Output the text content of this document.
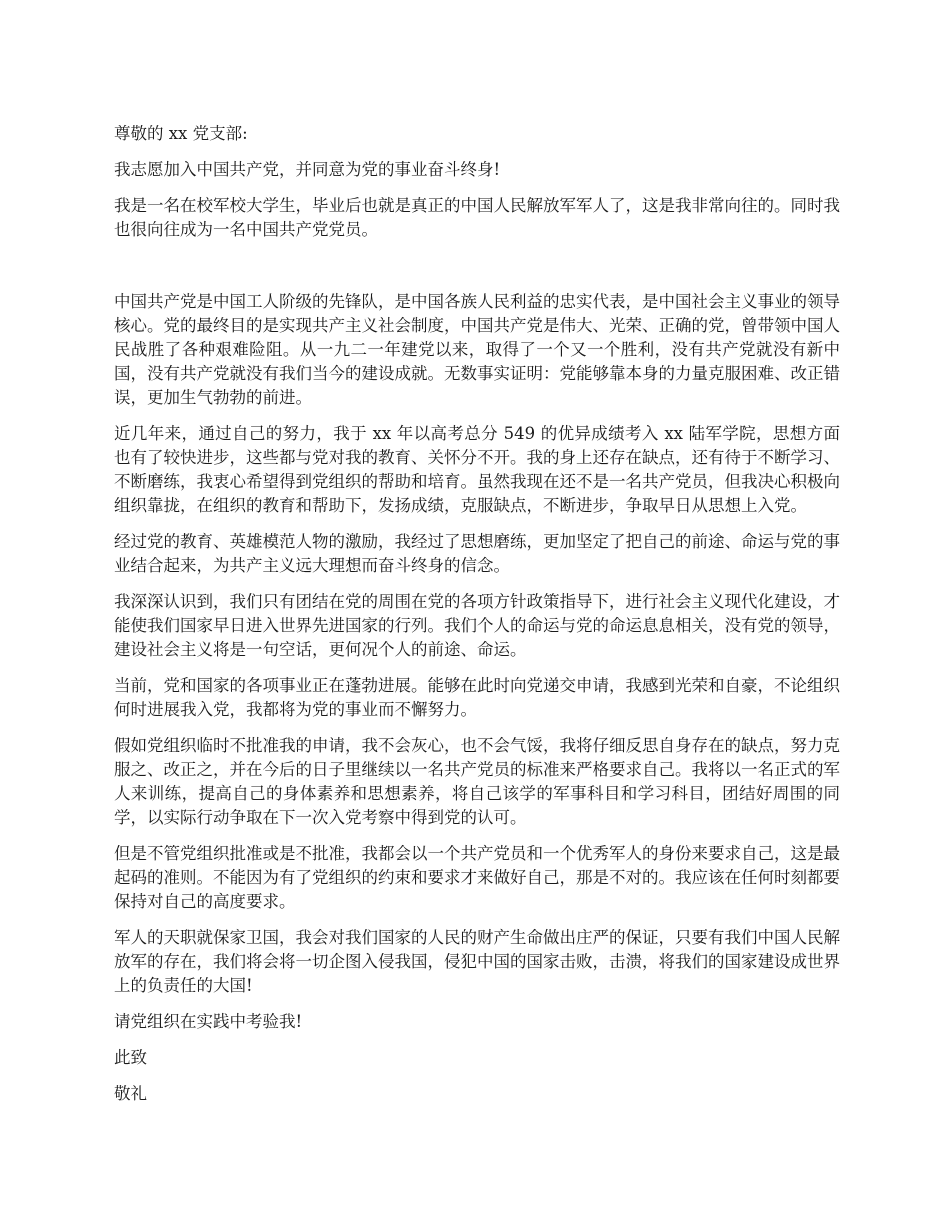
尊敬的 xx 党支部:

我志愿加入中国共产党，并同意为党的事业奋斗终身!

我是一名在校军校大学生，毕业后也就是真正的中国人民解放军军人了，这是我非常向往的。同时我也很向往成为一名中国共产党党员。

中国共产党是中国工人阶级的先锋队，是中国各族人民利益的忠实代表，是中国社会主义事业的领导核心。党的最终目的是实现共产主义社会制度，中国共产党是伟大、光荣、正确的党，曾带领中国人民战胜了各种艰难险阻。从一九二一年建党以来，取得了一个又一个胜利，没有共产党就没有新中国，没有共产党就没有我们当今的建设成就。无数事实证明：党能够靠本身的力量克服困难、改正错误，更加生气勃勃的前进。

近几年来，通过自己的努力，我于 xx 年以高考总分 549 的优异成绩考入 xx 陆军学院，思想方面也有了较快进步，这些都与党对我的教育、关怀分不开。我的身上还存在缺点，还有待于不断学习、不断磨练，我衷心希望得到党组织的帮助和培育。虽然我现在还不是一名共产党员，但我决心积极向组织靠拢，在组织的教育和帮助下，发扬成绩，克服缺点，不断进步，争取早日从思想上入党。

经过党的教育、英雄模范人物的激励，我经过了思想磨练，更加坚定了把自己的前途、命运与党的事业结合起来，为共产主义远大理想而奋斗终身的信念。

我深深认识到，我们只有团结在党的周围在党的各项方针政策指导下，进行社会主义现代化建设，才能使我们国家早日进入世界先进国家的行列。我们个人的命运与党的命运息息相关，没有党的领导，建设社会主义将是一句空话，更何况个人的前途、命运。

当前，党和国家的各项事业正在蓬勃进展。能够在此时向党递交申请，我感到光荣和自豪，不论组织何时进展我入党，我都将为党的事业而不懈努力。

假如党组织临时不批准我的申请，我不会灰心，也不会气馁，我将仔细反思自身存在的缺点，努力克服之、改正之，并在今后的日子里继续以一名共产党员的标准来严格要求自己。我将以一名正式的军人来训练，提高自己的身体素养和思想素养，将自己该学的军事科目和学习科目，团结好周围的同学，以实际行动争取在下一次入党考察中得到党的认可。

但是不管党组织批准或是不批准，我都会以一个共产党员和一个优秀军人的身份来要求自己，这是最起码的准则。不能因为有了党组织的约束和要求才来做好自己，那是不对的。我应该在任何时刻都要保持对自己的高度要求。

军人的天职就保家卫国，我会对我们国家的人民的财产生命做出庄严的保证，只要有我们中国人民解放军的存在，我们将会将一切企图入侵我国，侵犯中国的国家击败，击溃，将我们的国家建设成世界上的负责任的大国!

请党组织在实践中考验我!

此致

敬礼
